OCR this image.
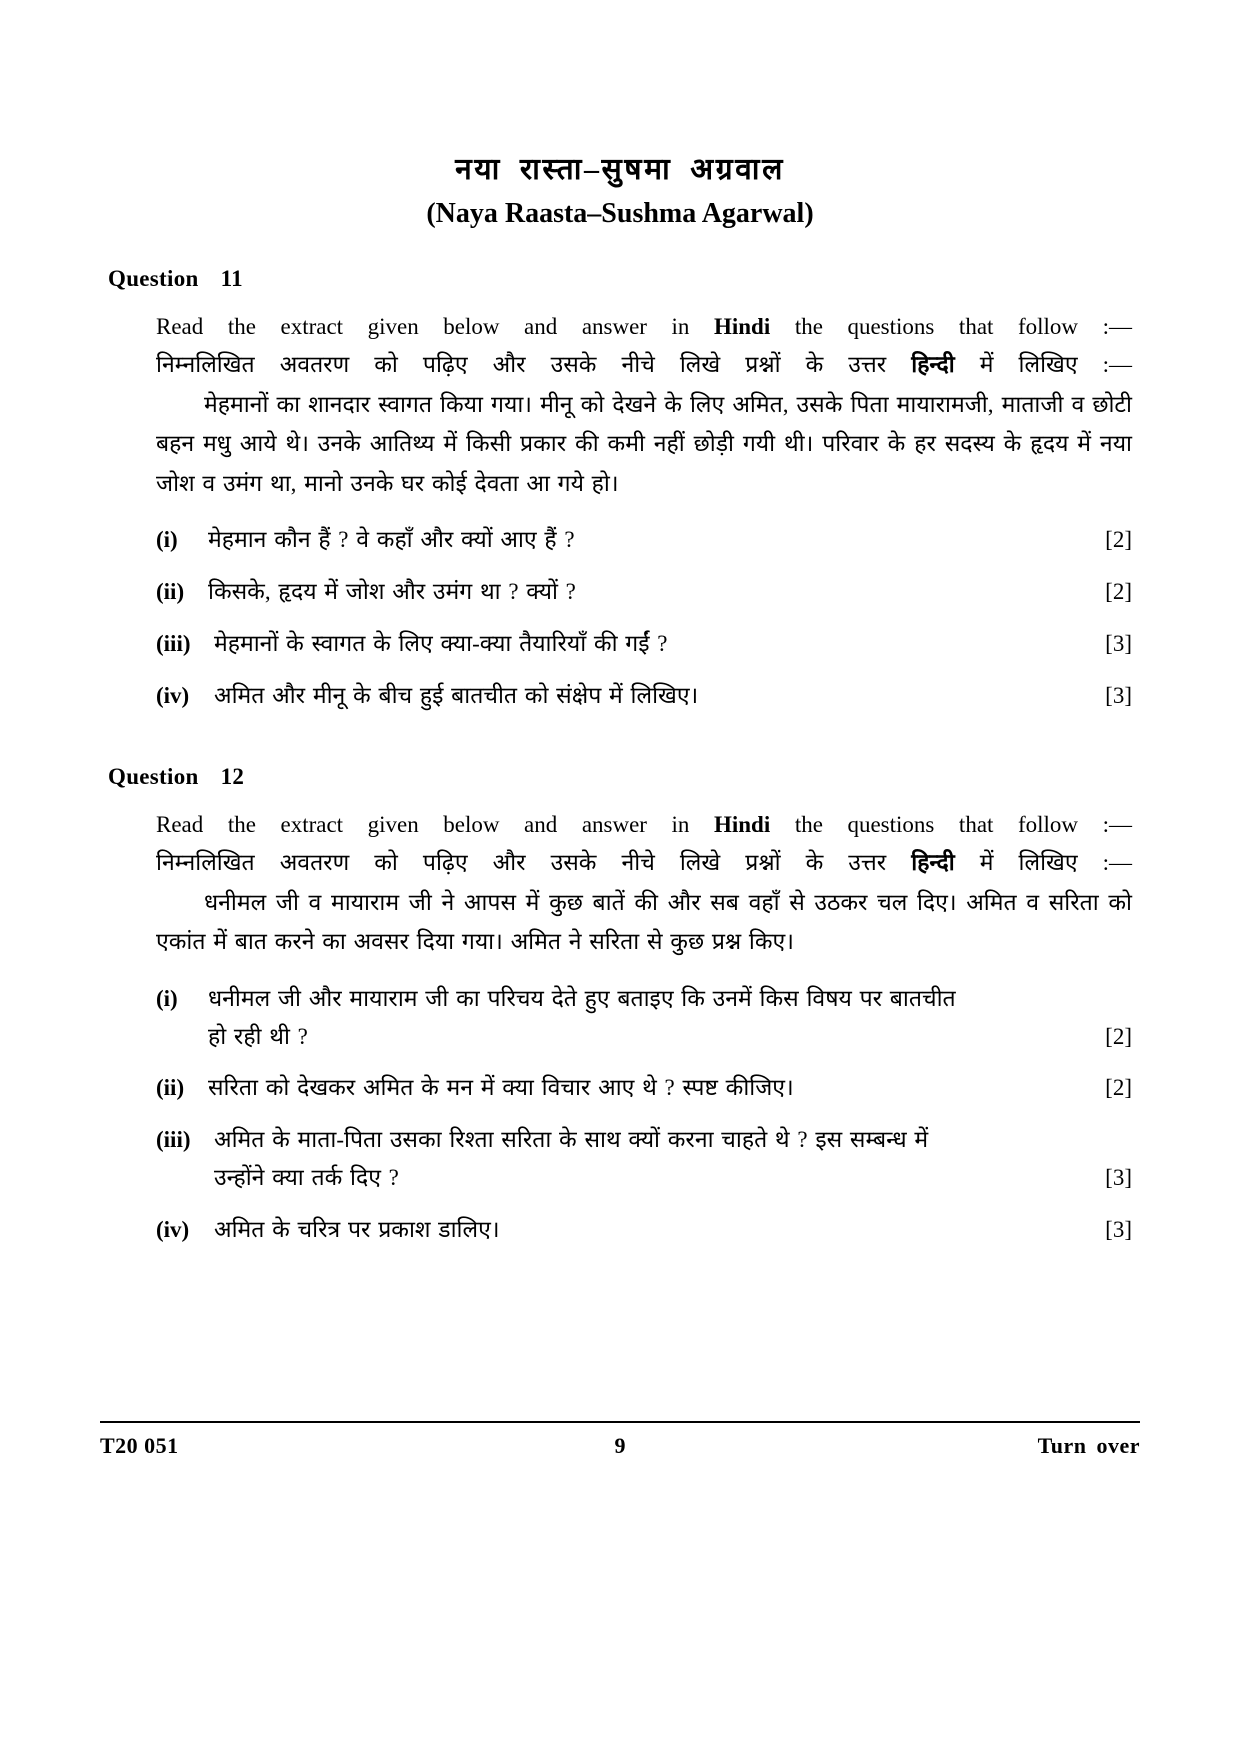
नया रास्ता–सुषमा अग्रवाल
(Naya Raasta–Sushma Agarwal)
Question 11

Read the extract given below and answer in Hindi the questions that follow :—

निम्नलिखित अवतरण को पढ़िए और उसके नीचे लिखे प्रश्नों के उत्तर हिन्दी में लिखिए :—

मेहमानों का शानदार स्वागत किया गया। मीनू को देखने के लिए अमित, उसके पिता मायारामजी, माताजी व छोटी बहन मधु आये थे। उनके आतिथ्य में किसी प्रकार की कमी नहीं छोड़ी गयी थी। परिवार के हर सदस्य के हृदय में नया जोश व उमंग था, मानो उनके घर कोई देवता आ गये हो।

(i)	मेहमान कौन हैं ? वे कहाँ और क्यों आए हैं ?	[2]
(ii)	किसके, हृदय में जोश और उमंग था ? क्यों ?	[2]
(iii)	मेहमानों के स्वागत के लिए क्या-क्या तैयारियाँ की गईं ?	[3]
(iv)	अमित और मीनू के बीच हुई बातचीत को संक्षेप में लिखिए।	[3]
Question 12

Read the extract given below and answer in Hindi the questions that follow :—

निम्नलिखित अवतरण को पढ़िए और उसके नीचे लिखे प्रश्नों के उत्तर हिन्दी में लिखिए :—

धनीमल जी व मायाराम जी ने आपस में कुछ बातें की और सब वहाँ से उठकर चल दिए। अमित व सरिता को एकांत में बात करने का अवसर दिया गया। अमित ने सरिता से कुछ प्रश्न किए।

(i)	धनीमल जी और मायाराम जी का परिचय देते हुए बताइए कि उनमें किस विषय पर बातचीत
हो रही थी ?	[2]
(ii)	सरिता को देखकर अमित के मन में क्या विचार आए थे ? स्पष्ट कीजिए।	[2]
(iii)	अमित के माता-पिता उसका रिश्ता सरिता के साथ क्यों करना चाहते थे ? इस सम्बन्ध में
उन्होंने क्या तर्क दिए ?	[3]
(iv)	अमित के चरित्र पर प्रकाश डालिए।	[3]
T20 051	9	Turn over
